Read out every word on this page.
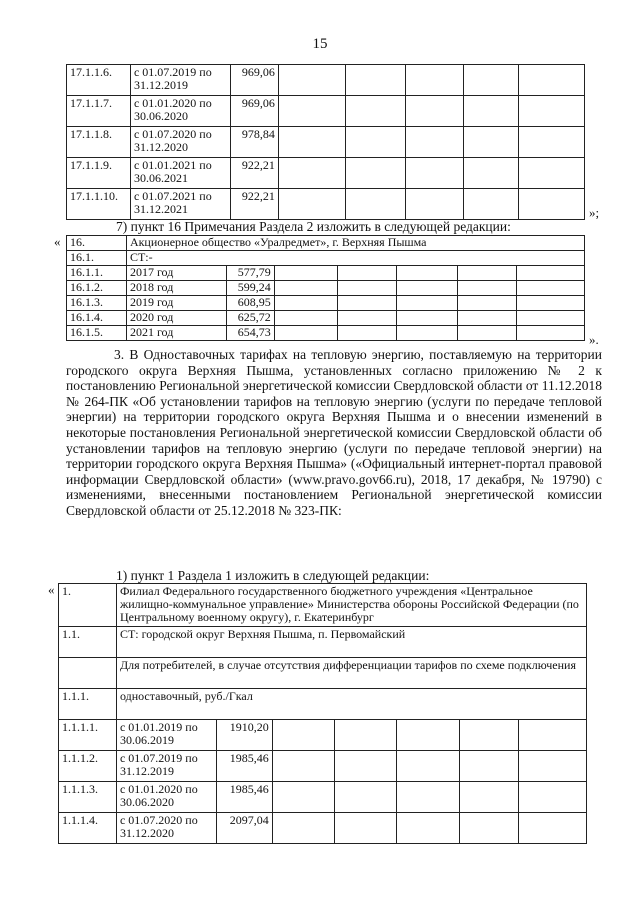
15
17.1.1.6.	с 01.07.2019 по 31.12.2019	969,06					
17.1.1.7.	с 01.01.2020 по 30.06.2020	969,06					
17.1.1.8.	с 01.07.2020 по 31.12.2020	978,84					
17.1.1.9.	с 01.01.2021 по 30.06.2021	922,21					
17.1.1.10.	с 01.07.2021 по 31.12.2021	922,21					
»;
7) пункт 16 Примечания Раздела 2 изложить в следующей редакции:
« 16.	Акционерное общество «Уралредмет», г. Верхняя Пышма						
16.1.	СТ:-						
16.1.1.	2017 год	577,79					
16.1.2.	2018 год	599,24					
16.1.3.	2019 год	608,95					
16.1.4.	2020 год	625,72					
16.1.5.	2021 год	654,73						».
3. В Одноставочных тарифах на тепловую энергию, поставляемую на территории городского округа Верхняя Пышма, установленных согласно приложению № 2 к постановлению Региональной энергетической комиссии Свердловской области от 11.12.2018 № 264-ПК «Об установлении тарифов на тепловую энергию (услуги по передаче тепловой энергии) на территории городского округа Верхняя Пышма и о внесении изменений в некоторые постановления Региональной энергетической комиссии Свердловской области об установлении тарифов на тепловую энергию (услуги по передаче тепловой энергии) на территории городского округа Верхняя Пышма» («Официальный интернет-портал правовой информации Свердловской области» (www.pravo.gov66.ru), 2018, 17 декабря, № 19790) с изменениями, внесенными постановлением Региональной энергетической комиссии Свердловской области от 25.12.2018 № 323-ПК:
1) пункт 1 Раздела 1 изложить в следующей редакции:
« 1.	Филиал Федерального государственного бюджетного учреждения «Центральное жилищно-коммунальное управление» Министерства обороны Российской Федерации (по Центральному военному округу), г. Екатеринбург						
1.1.	СТ: городской округ Верхняя Пышма, п. Первомайский						
	Для потребителей, в случае отсутствия дифференциации тарифов по схеме подключения						
1.1.1.	одноставочный, руб./Гкал						
1.1.1.1.	с 01.01.2019 по 30.06.2019	1910,20					
1.1.1.2.	с 01.07.2019 по 31.12.2019	1985,46					
1.1.1.3.	с 01.01.2020 по 30.06.2020	1985,46					
1.1.1.4.	с 01.07.2020 по 31.12.2020	2097,04					
